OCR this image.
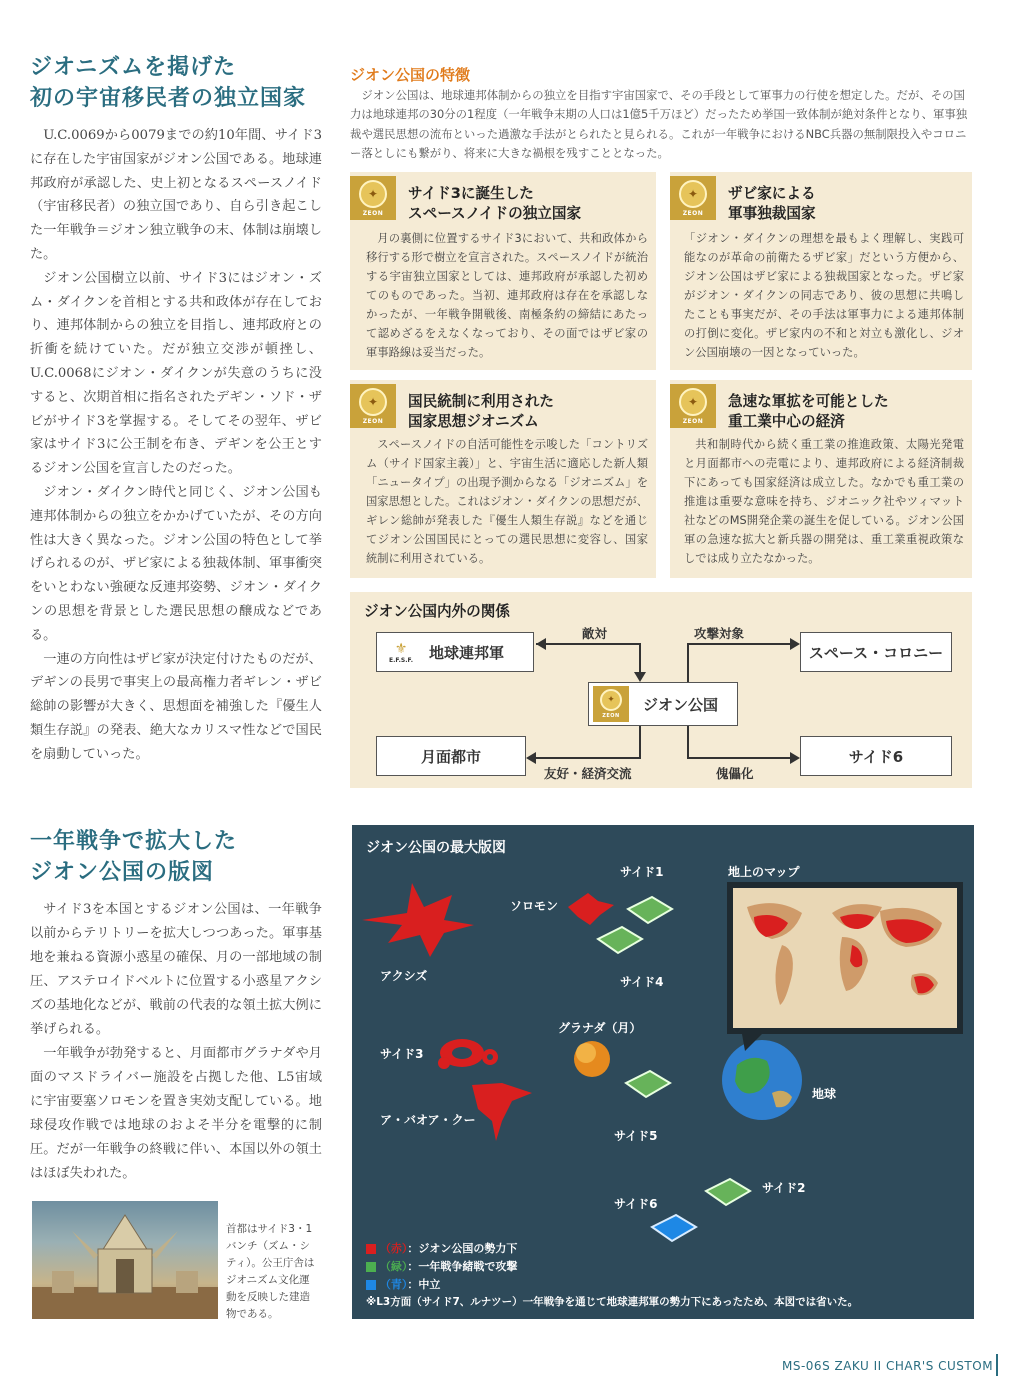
ジオニズムを掲げた
初の宇宙移民者の独立国家

U.C.0069から0079までの約10年間、サイド3に存在した宇宙国家がジオン公国である。地球連邦政府が承認した、史上初となるスペースノイド（宇宙移民者）の独立国であり、自ら引き起こした一年戦争＝ジオン独立戦争の末、体制は崩壊した。

ジオン公国樹立以前、サイド3にはジオン・ズム・ダイクンを首相とする共和政体が存在しており、連邦体制からの独立を目指し、連邦政府との折衝を続けていた。だが独立交渉が頓挫し、U.C.0068にジオン・ダイクンが失意のうちに没すると、次期首相に指名されたデギン・ソド・ザビがサイド3を掌握する。そしてその翌年、ザビ家はサイド3に公王制を布き、デギンを公王とするジオン公国を宣言したのだった。

ジオン・ダイクン時代と同じく、ジオン公国も連邦体制からの独立をかかげていたが、その方向性は大きく異なった。ジオン公国の特色として挙げられるのが、ザビ家による独裁体制、軍事衝突をいとわない強硬な反連邦姿勢、ジオン・ダイクンの思想を背景とした選民思想の醸成などである。

一連の方向性はザビ家が決定付けたものだが、デギンの長男で事実上の最高権力者ギレン・ザビ総帥の影響が大きく、思想面を補強した『優生人類生存説』の発表、絶大なカリスマ性などで国民を扇動していった。

ジオン公国の特徴
ジオン公国は、地球連邦体制からの独立を目指す宇宙国家で、その手段として軍事力の行使を想定した。だが、その国力は地球連邦の30分の1程度（一年戦争末期の人口は1億5千万ほど）だったため挙国一致体制が絶対条件となり、軍事独裁や選民思想の流布といった過激な手法がとられたと見られる。これが一年戦争におけるNBC兵器の無制限投入やコロニー落としにも繋がり、将来に大きな禍根を残すこととなった。
✦
ZEON
サイド3に誕生した
スペースノイドの独立国家
月の裏側に位置するサイド3において、共和政体から移行する形で樹立を宣言された。スペースノイドが統治する宇宙独立国家としては、連邦政府が承認した初めてのものであった。当初、連邦政府は存在を承認しなかったが、一年戦争開戦後、南極条約の締結にあたって認めざるをえなくなっており、その面ではザビ家の軍事路線は妥当だった。
✦
ZEON
ザビ家による
軍事独裁国家
「ジオン・ダイクンの理想を最もよく理解し、実践可能なのが革命の前衛たるザビ家」だという方便から、ジオン公国はザビ家による独裁国家となった。ザビ家がジオン・ダイクンの同志であり、彼の思想に共鳴したことも事実だが、その手法は軍事力による連邦体制の打倒に変化。ザビ家内の不和と対立も激化し、ジオン公国崩壊の一因となっていった。
✦
ZEON
国民統制に利用された
国家思想ジオニズム
スペースノイドの自活可能性を示唆した「コントリズム（サイド国家主義）」と、宇宙生活に適応した新人類「ニュータイプ」の出現予測からなる「ジオニズム」を国家思想とした。これはジオン・ダイクンの思想だが、ギレン総帥が発表した『優生人類生存説』などを通じてジオン公国国民にとっての選民思想に変容し、国家統制に利用されている。
✦
ZEON
急速な軍拡を可能とした
重工業中心の経済
共和制時代から続く重工業の推進政策、太陽光発電と月面都市への売電により、連邦政府による経済制裁下にあっても国家経済は成立した。なかでも重工業の推進は重要な意味を持ち、ジオニック社やツィマット社などのMS開発企業の誕生を促している。ジオン公国軍の急速な拡大と新兵器の開発は、重工業重視政策なしでは成り立たなかった。
ジオン公国内外の関係
⚜
E.F.S.F. 地球連邦軍	スペース・コロニー
月面都市	サイド6
✦
ZEON
ジオン公国
敵対	攻撃対象
友好・経済交流	傀儡化
一年戦争で拡大した
ジオン公国の版図

サイド3を本国とするジオン公国は、一年戦争以前からテリトリーを拡大しつつあった。軍事基地を兼ねる資源小惑星の確保、月の一部地域の制圧、アステロイドベルトに位置する小惑星アクシズの基地化などが、戦前の代表的な領土拡大例に挙げられる。

一年戦争が勃発すると、月面都市グラナダや月面のマスドライバー施設を占拠した他、L5宙域に宇宙要塞ソロモンを置き実効支配している。地球侵攻作戦では地球のおよそ半分を電撃的に制圧。だが一年戦争の終戦に伴い、本国以外の領土はほぼ失われた。

首都はサイド3・1
バンチ（ズム・シ
ティ）。公王庁舎は
ジオニズム文化運
動を反映した建造
物である。
ジオン公国の最大版図
サイド1
ソロモン
サイド4
アクシズ
グラナダ（月）
サイド3
ア・バオア・クー
サイド5
サイド2
サイド6
地球
地上のマップ
（赤）：ジオン公国の勢力下
（緑）：一年戦争緒戦で攻撃
（青）：中立
※L3方面（サイド7、ルナツー）一年戦争を通じて地球連邦軍の勢力下にあったため、本図では省いた。
MS-06S ZAKU II CHAR'S CUSTOM
